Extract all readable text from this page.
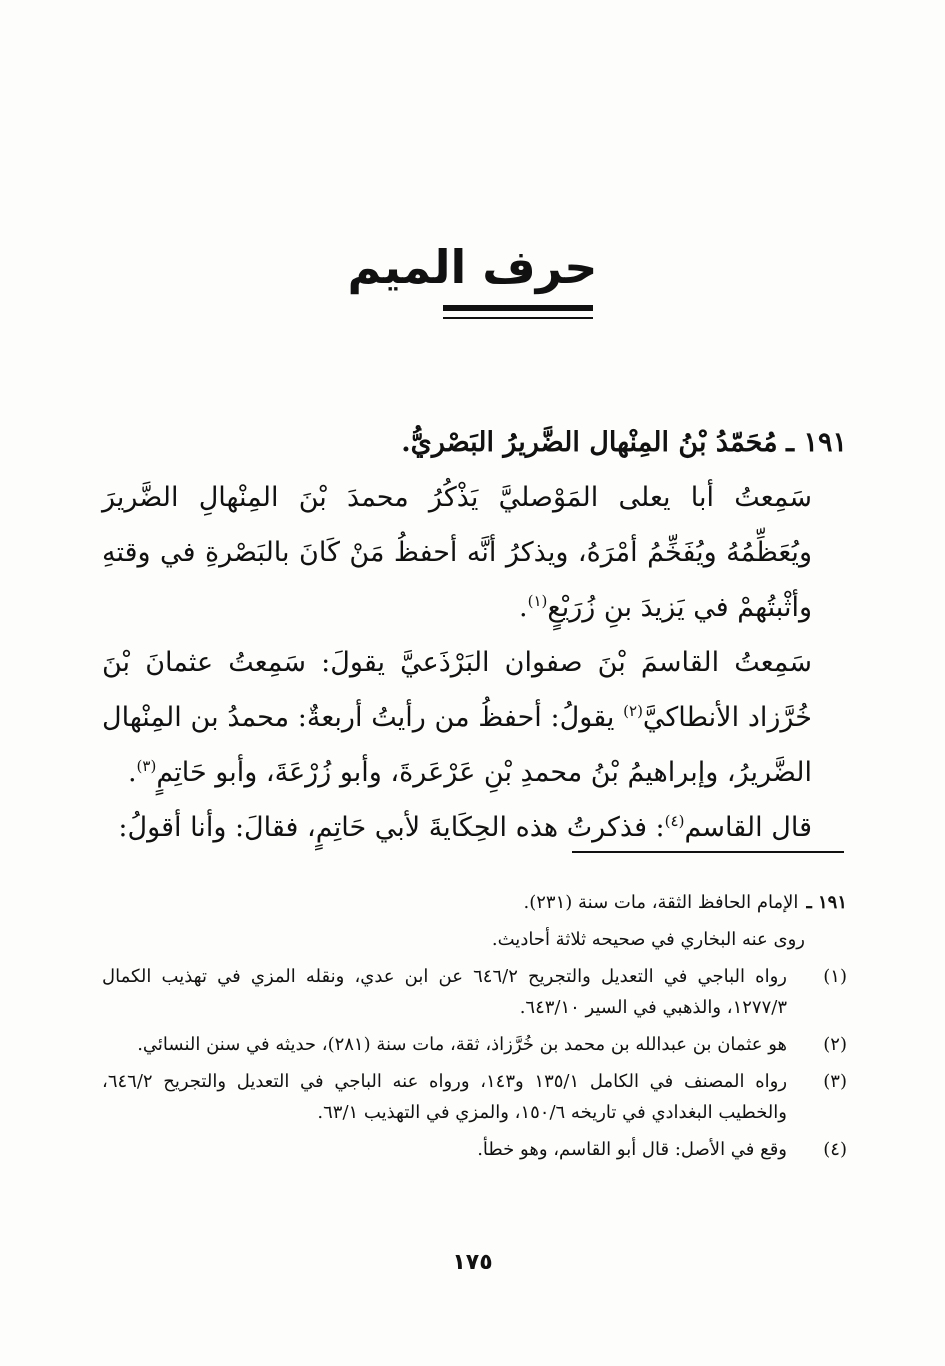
حرف الميم

١٩١ ـ مُحَمّدُ بْنُ المِنْهال الضَّريرُ البَصْريُّ.

سَمِعتُ أبا يعلى المَوْصليَّ يَذْكُرُ محمدَ بْنَ المِنْهالِ الضَّريرَ ويُعَظِّمُهُ ويُفَخِّمُ أمْرَهُ، ويذكرُ أنَّه أحفظُ مَنْ كَانَ بالبَصْرةِ في وقتهِ وأثْبتُهمْ في يَزيدَ بنِ زُرَيْعٍ$^{(١)}$.

سَمِعتُ القاسمَ بْنَ صفوان البَرْذَعيَّ يقولَ: سَمِعتُ عثمانَ بْنَ خُرَّزاد الأنطاكيَّ$^{(٢)}$ يقولُ: أحفظُ من رأيتُ أربعةٌ: محمدُ بن المِنْهال الضَّريرُ، وإبراهيمُ بْنُ محمدِ بْنِ عَرْعَرةَ، وأبو زُرْعَةَ، وأبو حَاتِمٍ$^{(٣)}$.

قال القاسم$^{(٤)}$: فذكرتُ هذه الحِكَايةَ لأبي حَاتِمٍ، فقالَ: وأنا أقولُ:

١٩١ ـ
الإمام الحافظ الثقة، مات سنة (٢٣١).
روى عنه البخاري في صحيحه ثلاثة أحاديث.
(١)
رواه الباجي في التعديل والتجريح ٦٤٦/٢ عن ابن عدي، ونقله المزي في تهذيب الكمال ١٢٧٧/٣، والذهبي في السير ٦٤٣/١٠.
(٢)
هو عثمان بن عبدالله بن محمد بن خُرَّزاذ، ثقة، مات سنة (٢٨١)، حديثه في سنن النسائي.
(٣)
رواه المصنف في الكامل ١٣٥/١ و١٤٣، ورواه عنه الباجي في التعديل والتجريح ٦٤٦/٢، والخطيب البغدادي في تاريخه ١٥٠/٦، والمزي في التهذيب ٦٣/١.
(٤)
وقع في الأصل: قال أبو القاسم، وهو خطأ.
١٧٥
